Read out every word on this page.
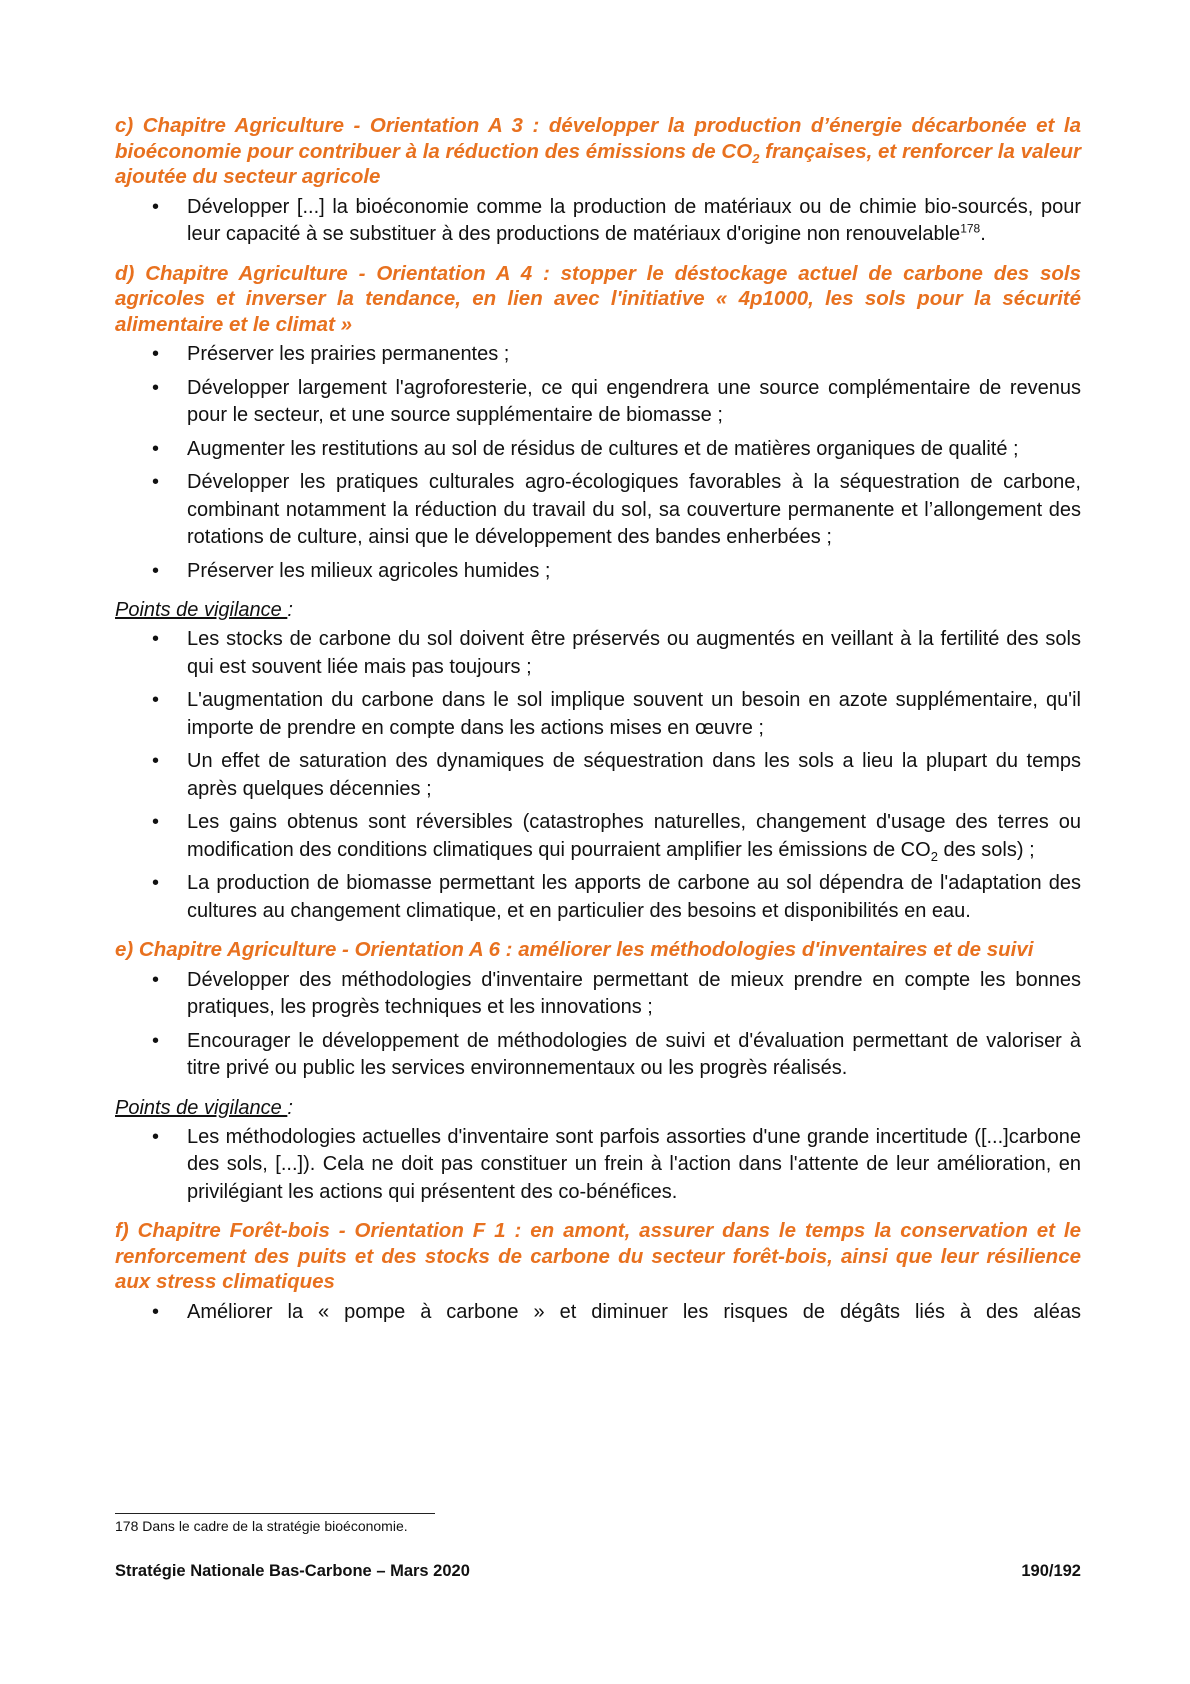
c) Chapitre Agriculture - Orientation A 3 : développer la production d’énergie décarbonée et la bioéconomie pour contribuer à la réduction des émissions de $CO_2$ françaises, et renforcer la valeur ajoutée du secteur agricole

• Développer [...] la bioéconomie comme la production de matériaux ou de chimie bio-sourcés, pour leur capacité à se substituer à des productions de matériaux d'origine non renouvelable$^{178}$.

d) Chapitre Agriculture - Orientation A 4 : stopper le déstockage actuel de carbone des sols agricoles et inverser la tendance, en lien avec l'initiative « 4p1000, les sols pour la sécurité alimentaire et le climat »

• Préserver les prairies permanentes ;
• Développer largement l'agroforesterie, ce qui engendrera une source complémentaire de revenus pour le secteur, et une source supplémentaire de biomasse ;
• Augmenter les restitutions au sol de résidus de cultures et de matières organiques de qualité ;
• Développer les pratiques culturales agro-écologiques favorables à la séquestration de carbone, combinant notamment la réduction du travail du sol, sa couverture permanente et l’allongement des rotations de culture, ainsi que le développement des bandes enherbées ;
• Préserver les milieux agricoles humides ;

Points de vigilance :

• Les stocks de carbone du sol doivent être préservés ou augmentés en veillant à la fertilité des sols qui est souvent liée mais pas toujours ;
• L'augmentation du carbone dans le sol implique souvent un besoin en azote supplémentaire, qu'il importe de prendre en compte dans les actions mises en œuvre ;
• Un effet de saturation des dynamiques de séquestration dans les sols a lieu la plupart du temps après quelques décennies ;
• Les gains obtenus sont réversibles (catastrophes naturelles, changement d'usage des terres ou modification des conditions climatiques qui pourraient amplifier les émissions de $CO_2$ des sols) ;
• La production de biomasse permettant les apports de carbone au sol dépendra de l'adaptation des cultures au changement climatique, et en particulier des besoins et disponibilités en eau.

e) Chapitre Agriculture - Orientation A 6 : améliorer les méthodologies d'inventaires et de suivi

• Développer des méthodologies d'inventaire permettant de mieux prendre en compte les bonnes pratiques, les progrès techniques et les innovations ;
• Encourager le développement de méthodologies de suivi et d'évaluation permettant de valoriser à titre privé ou public les services environnementaux ou les progrès réalisés.

Points de vigilance :

• Les méthodologies actuelles d'inventaire sont parfois assorties d'une grande incertitude ([...]carbone des sols, [...]). Cela ne doit pas constituer un frein à l'action dans l'attente de leur amélioration, en privilégiant les actions qui présentent des co-bénéfices.

f) Chapitre Forêt-bois - Orientation F 1 : en amont, assurer dans le temps la conservation et le renforcement des puits et des stocks de carbone du secteur forêt-bois, ainsi que leur résilience aux stress climatiques

• Améliorer la « pompe à carbone » et diminuer les risques de dégâts liés à des aléas
178 Dans le cadre de la stratégie bioéconomie.
Stratégie Nationale Bas-Carbone – Mars 2020	190/192
